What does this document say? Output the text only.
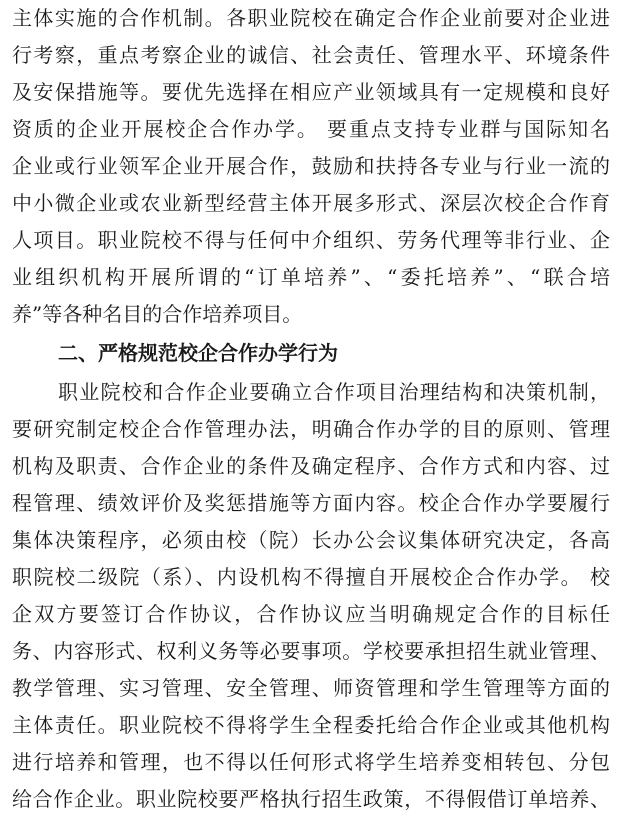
主体实施的合作机制。各职业院校在确定合作企业前要对企业进
行考察，重点考察企业的诚信、社会责任、管理水平、环境条件
及安保措施等。要优先选择在相应产业领域具有一定规模和良好
资质的企业开展校企合作办学。 要重点支持专业群与国际知名
企业或行业领军企业开展合作，鼓励和扶持各专业与行业一流的
中小微企业或农业新型经营主体开展多形式、深层次校企合作育
人项目。职业院校不得与任何中介组织、劳务代理等非行业、企
业组织机构开展所谓的“订单培养”、“委托培养”、“联合培
养”等各种名目的合作培养项目。
二、严格规范校企合作办学行为
职业院校和合作企业要确立合作项目治理结构和决策机制，
要研究制定校企合作管理办法，明确合作办学的目的原则、管理
机构及职责、合作企业的条件及确定程序、合作方式和内容、过
程管理、绩效评价及奖惩措施等方面内容。校企合作办学要履行
集体决策程序，必须由校（院）长办公会议集体研究决定，各高
职院校二级院（系）、内设机构不得擅自开展校企合作办学。 校
企双方要签订合作协议，合作协议应当明确规定合作的目标任
务、内容形式、权利义务等必要事项。学校要承担招生就业管理、
教学管理、实习管理、安全管理、师资管理和学生管理等方面的
主体责任。职业院校不得将学生全程委托给合作企业或其他机构
进行培养和管理，也不得以任何形式将学生培养变相转包、分包
给合作企业。职业院校要严格执行招生政策，不得假借订单培养、
